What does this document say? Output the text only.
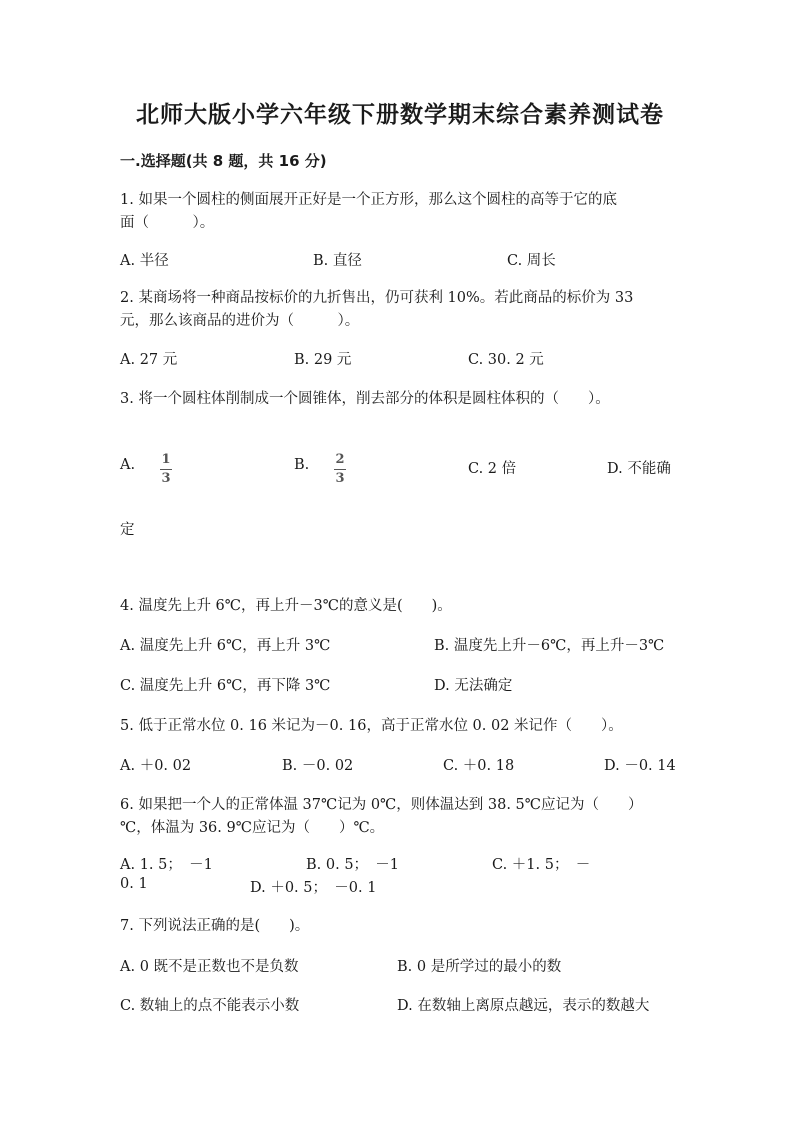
北师大版小学六年级下册数学期末综合素养测试卷
一.选择题(共 8 题，共 16 分)
1. 如果一个圆柱的侧面展开正好是一个正方形，那么这个圆柱的高等于它的底
面（　　　）。
A. 半径	B. 直径	C. 周长
2. 某商场将一种商品按标价的九折售出，仍可获利 10%。若此商品的标价为 33
元，那么该商品的进价为（　　　）。
A. 27 元	B. 29 元	C. 30. 2 元
3. 将一个圆柱体削制成一个圆锥体，削去部分的体积是圆柱体积的（　　）。
A. 1
3
B. 2
3
C. 2 倍	D. 不能确
定
4. 温度先上升 6℃，再上升－3℃的意义是(　　)。
A. 温度先上升 6℃，再上升 3℃	B. 温度先上升－6℃，再上升－3℃
C. 温度先上升 6℃，再下降 3℃	D. 无法确定
5. 低于正常水位 0. 16 米记为－0. 16，高于正常水位 0. 02 米记作（　　）。
A. ＋0. 02	B. －0. 02	C. ＋0. 18	D. －0. 14
6. 如果把一个人的正常体温 37℃记为 0℃，则体温达到 38. 5℃应记为（　　）
℃，体温为 36. 9℃应记为（　　）℃。
A. 1. 5；　－1	B. 0. 5；　－1	C. ＋1. 5；　－
0. 1	D. ＋0. 5；　－0. 1
7. 下列说法正确的是(　　)。
A. 0 既不是正数也不是负数	B. 0 是所学过的最小的数
C. 数轴上的点不能表示小数	D. 在数轴上离原点越远，表示的数越大
